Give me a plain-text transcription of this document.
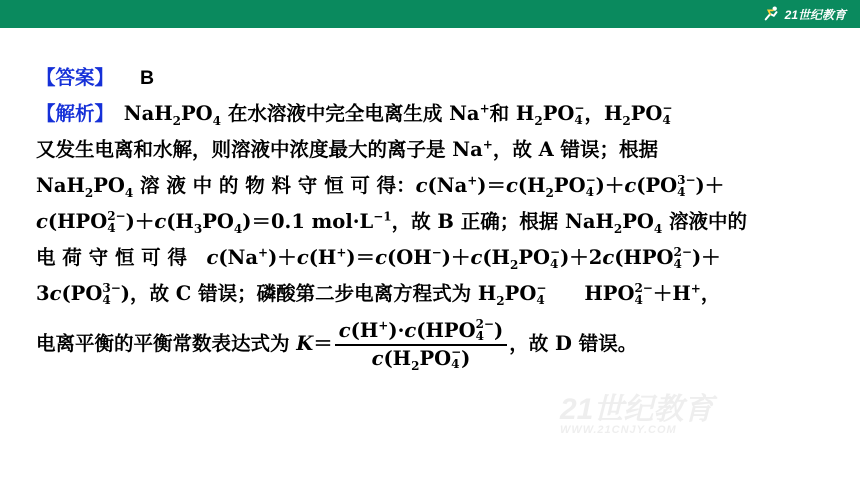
21世纪教育
【答案】 B
【解析】　$NaH_2PO_4$ 在水溶液中完全电离生成 Na+和 $H_2PO$ −
4 ，$H_2PO$ −
4
又发生电离和水解，则溶液中浓度最大的离子是 Na+，故 A 错误；根据
$NaH_2PO_4$ 溶 液 中 的 物 料 守 恒 可 得：$c(Na^+)=c(H_2PO$ −
4 )＋c(PO 3−
4 )＋
c(HPO 2−
4 )$+c(H_3PO_4)=0.1$ $mol\cdot L^{-1}$，故 B 正确；根据 $NaH_2PO_4$ 溶液中的
电 荷 守 恒 可 得　$c(Na^+)+c(H^+)=c(OH^-)+c(H_2PO$ −
4 )＋2c(HPO 2−
4 )＋
3c(PO 3−
4 )，故 C 错误；磷酸第二步电离方程式为 $H_2PO$ −
4 HPO 2−
4 ＋H+，
电离平衡的平衡常数表达式为 K＝ c(H+)·c(HPO 2−
4 )
$c(H_2PO$ −
4 ) ，故 D 错误。
21世纪教育
WWW.21CNJY.COM
